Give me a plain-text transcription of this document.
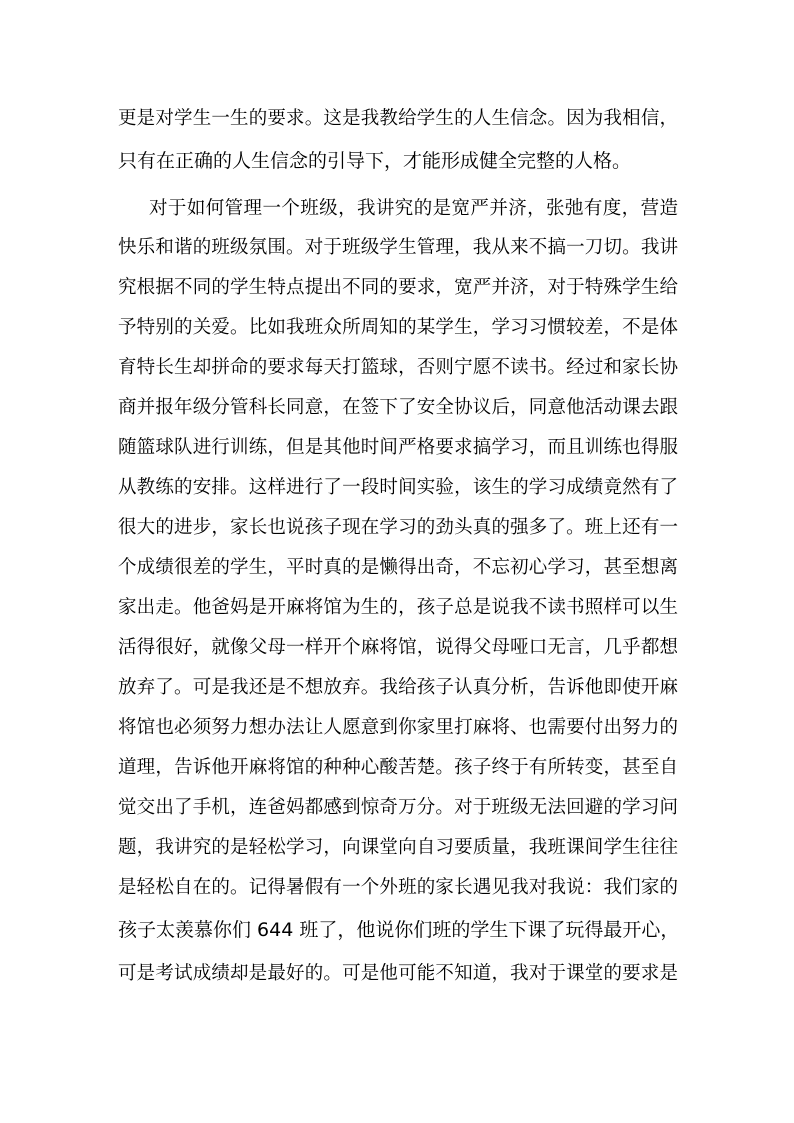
更是对学生一生的要求。这是我教给学生的人生信念。因为我相信，
只有在正确的人生信念的引导下，才能形成健全完整的人格。
对于如何管理一个班级，我讲究的是宽严并济，张弛有度，营造
快乐和谐的班级氛围。对于班级学生管理，我从来不搞一刀切。我讲
究根据不同的学生特点提出不同的要求，宽严并济，对于特殊学生给
予特别的关爱。比如我班众所周知的某学生，学习习惯较差，不是体
育特长生却拼命的要求每天打篮球，否则宁愿不读书。经过和家长协
商并报年级分管科长同意，在签下了安全协议后，同意他活动课去跟
随篮球队进行训练，但是其他时间严格要求搞学习，而且训练也得服
从教练的安排。这样进行了一段时间实验，该生的学习成绩竟然有了
很大的进步，家长也说孩子现在学习的劲头真的强多了。班上还有一
个成绩很差的学生，平时真的是懒得出奇，不忘初心学习，甚至想离
家出走。他爸妈是开麻将馆为生的，孩子总是说我不读书照样可以生
活得很好，就像父母一样开个麻将馆，说得父母哑口无言，几乎都想
放弃了。可是我还是不想放弃。我给孩子认真分析，告诉他即使开麻
将馆也必须努力想办法让人愿意到你家里打麻将、也需要付出努力的
道理，告诉他开麻将馆的种种心酸苦楚。孩子终于有所转变，甚至自
觉交出了手机，连爸妈都感到惊奇万分。对于班级无法回避的学习问
题，我讲究的是轻松学习，向课堂向自习要质量，我班课间学生往往
是轻松自在的。记得暑假有一个外班的家长遇见我对我说：我们家的
孩子太羡慕你们 644 班了，他说你们班的学生下课了玩得最开心，
可是考试成绩却是最好的。可是他可能不知道，我对于课堂的要求是
